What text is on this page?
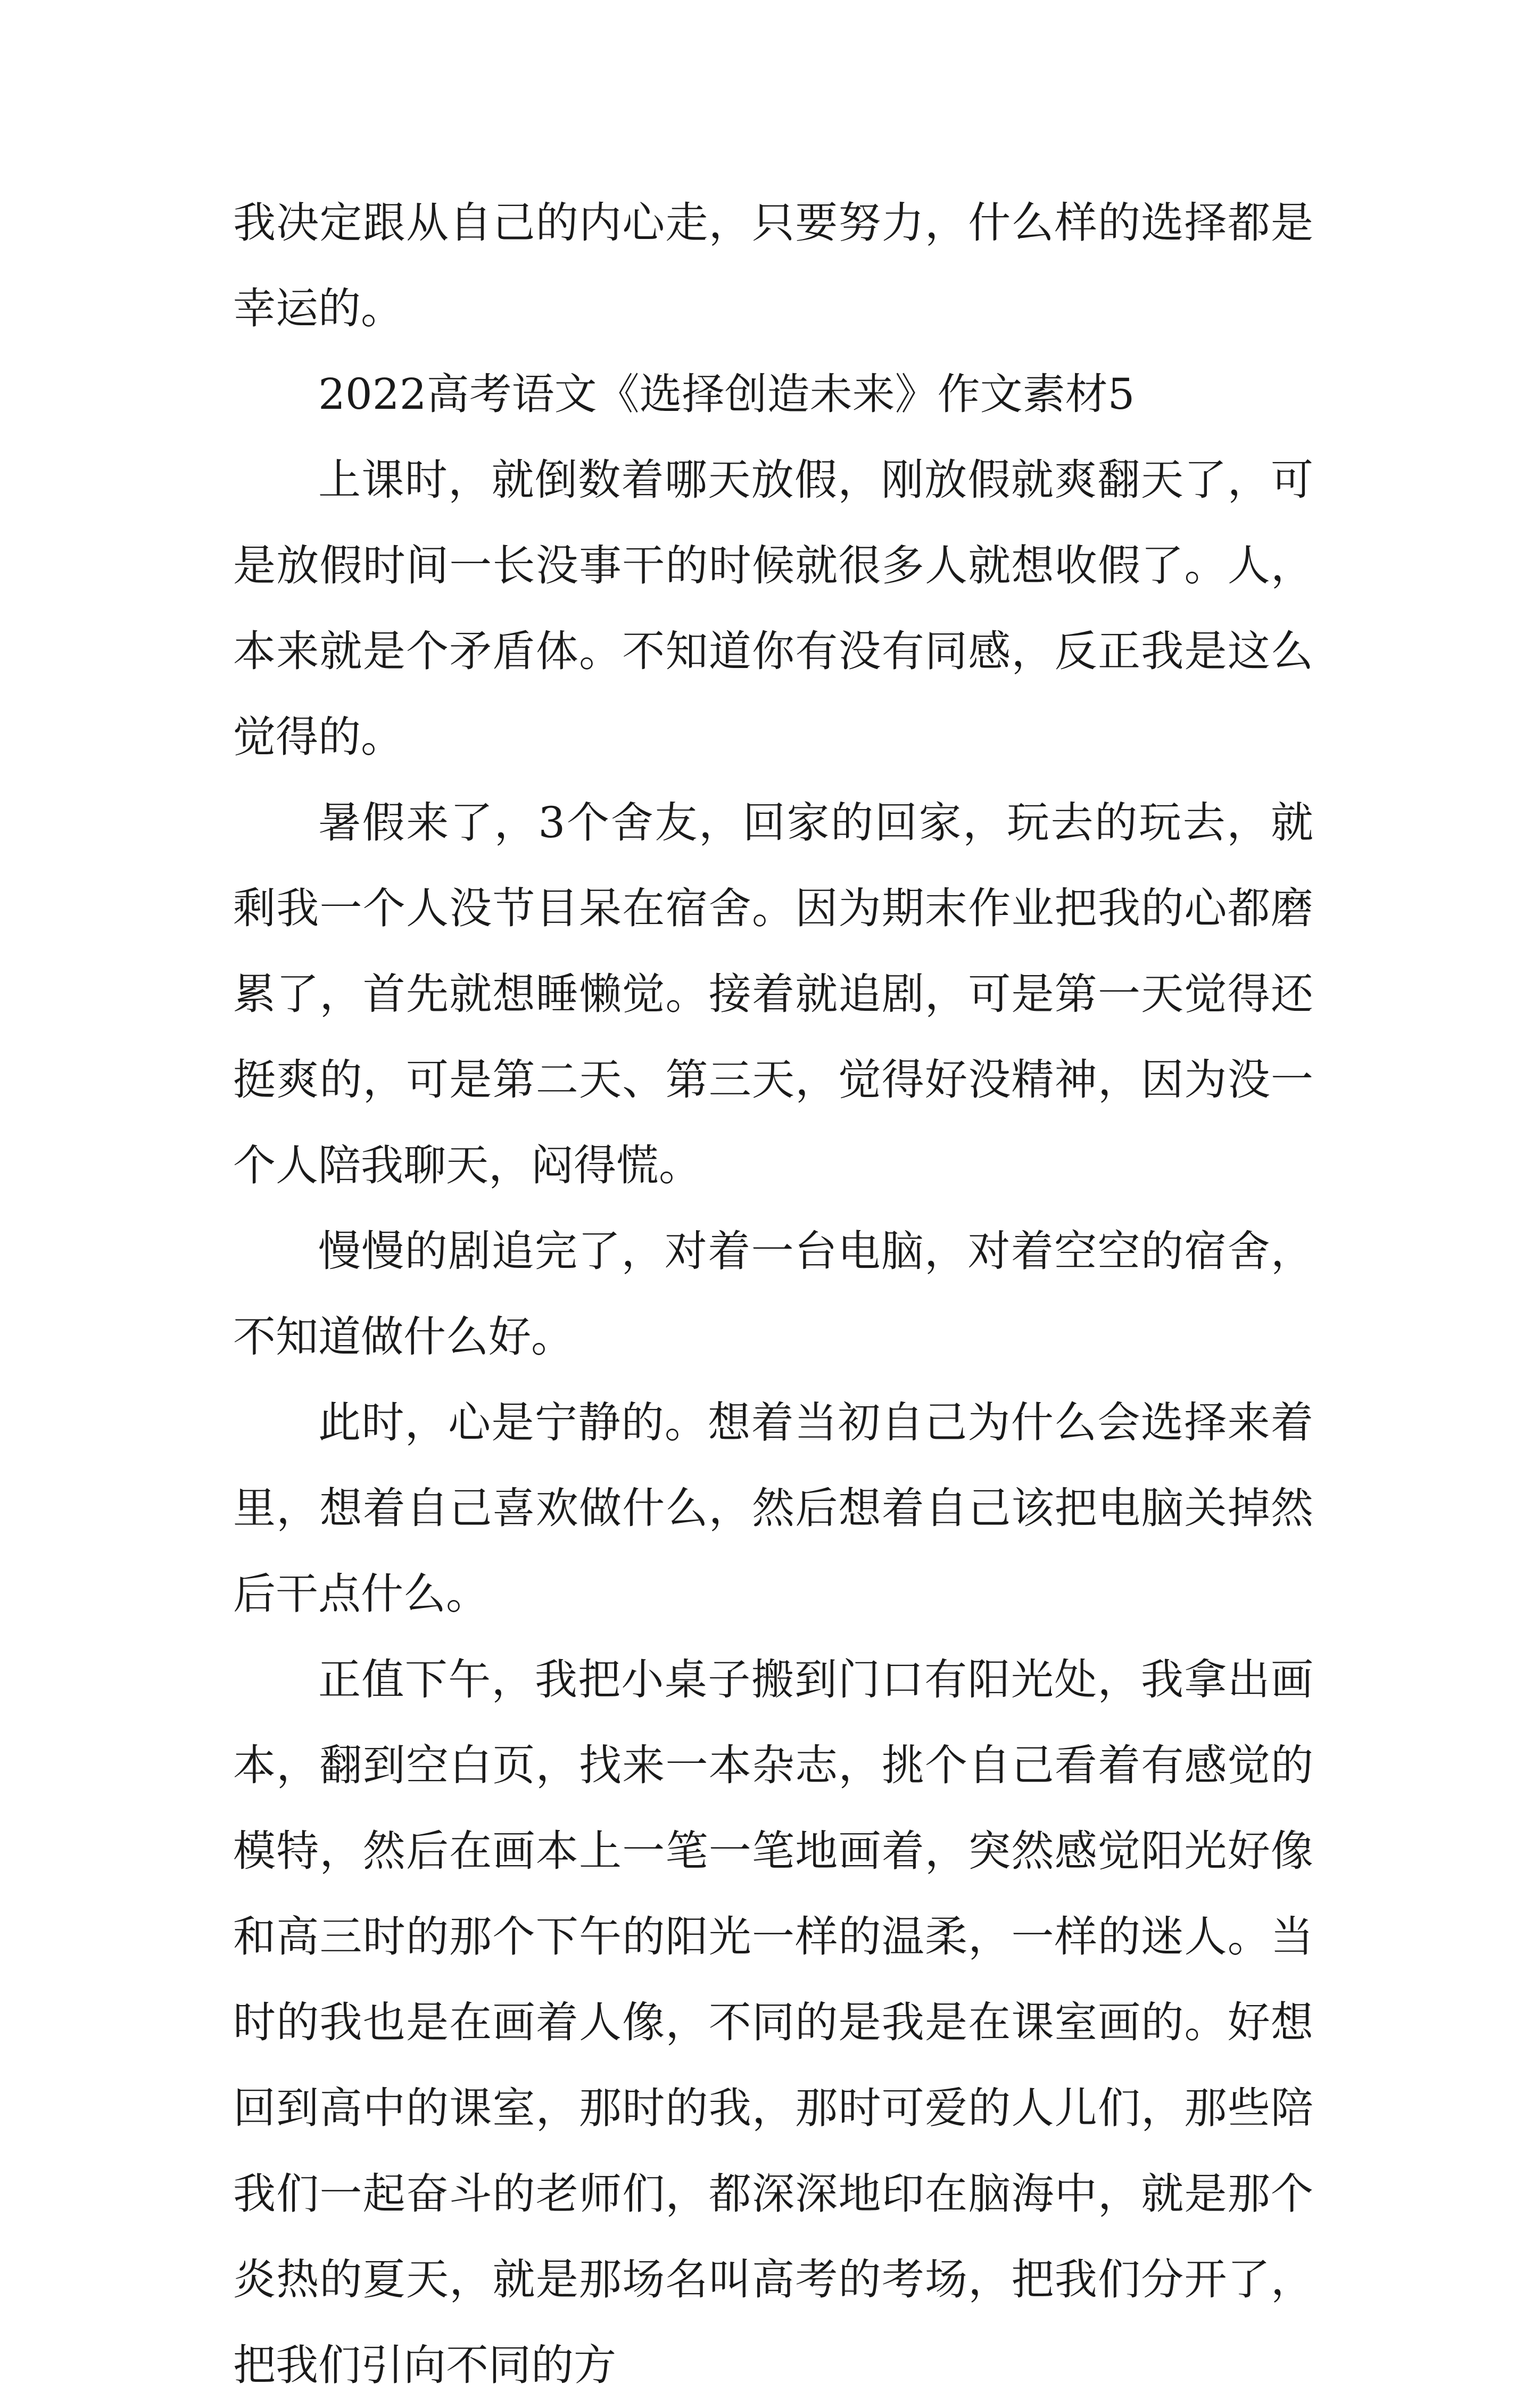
我决定跟从自己的内心走，只要努力，什么样的选择都是幸运的。

2022高考语文《选择创造未来》作文素材5

上课时，就倒数着哪天放假，刚放假就爽翻天了，可是放假时间一长没事干的时候就很多人就想收假了。人，本来就是个矛盾体。不知道你有没有同感，反正我是这么觉得的。

暑假来了，3个舍友，回家的回家，玩去的玩去，就剩我一个人没节目呆在宿舍。因为期末作业把我的心都磨累了，首先就想睡懒觉。接着就追剧，可是第一天觉得还挺爽的，可是第二天、第三天，觉得好没精神，因为没一个人陪我聊天，闷得慌。

慢慢的剧追完了，对着一台电脑，对着空空的宿舍，不知道做什么好。

此时，心是宁静的。想着当初自己为什么会选择来着里，想着自己喜欢做什么，然后想着自己该把电脑关掉然后干点什么。

正值下午，我把小桌子搬到门口有阳光处，我拿出画本，翻到空白页，找来一本杂志，挑个自己看着有感觉的模特，然后在画本上一笔一笔地画着，突然感觉阳光好像和高三时的那个下午的阳光一样的温柔，一样的迷人。当时的我也是在画着人像，不同的是我是在课室画的。好想回到高中的课室，那时的我，那时可爱的人儿们，那些陪我们一起奋斗的老师们，都深深地印在脑海中，就是那个炎热的夏天，就是那场名叫高考的考场，把我们分开了，把我们引向不同的方
